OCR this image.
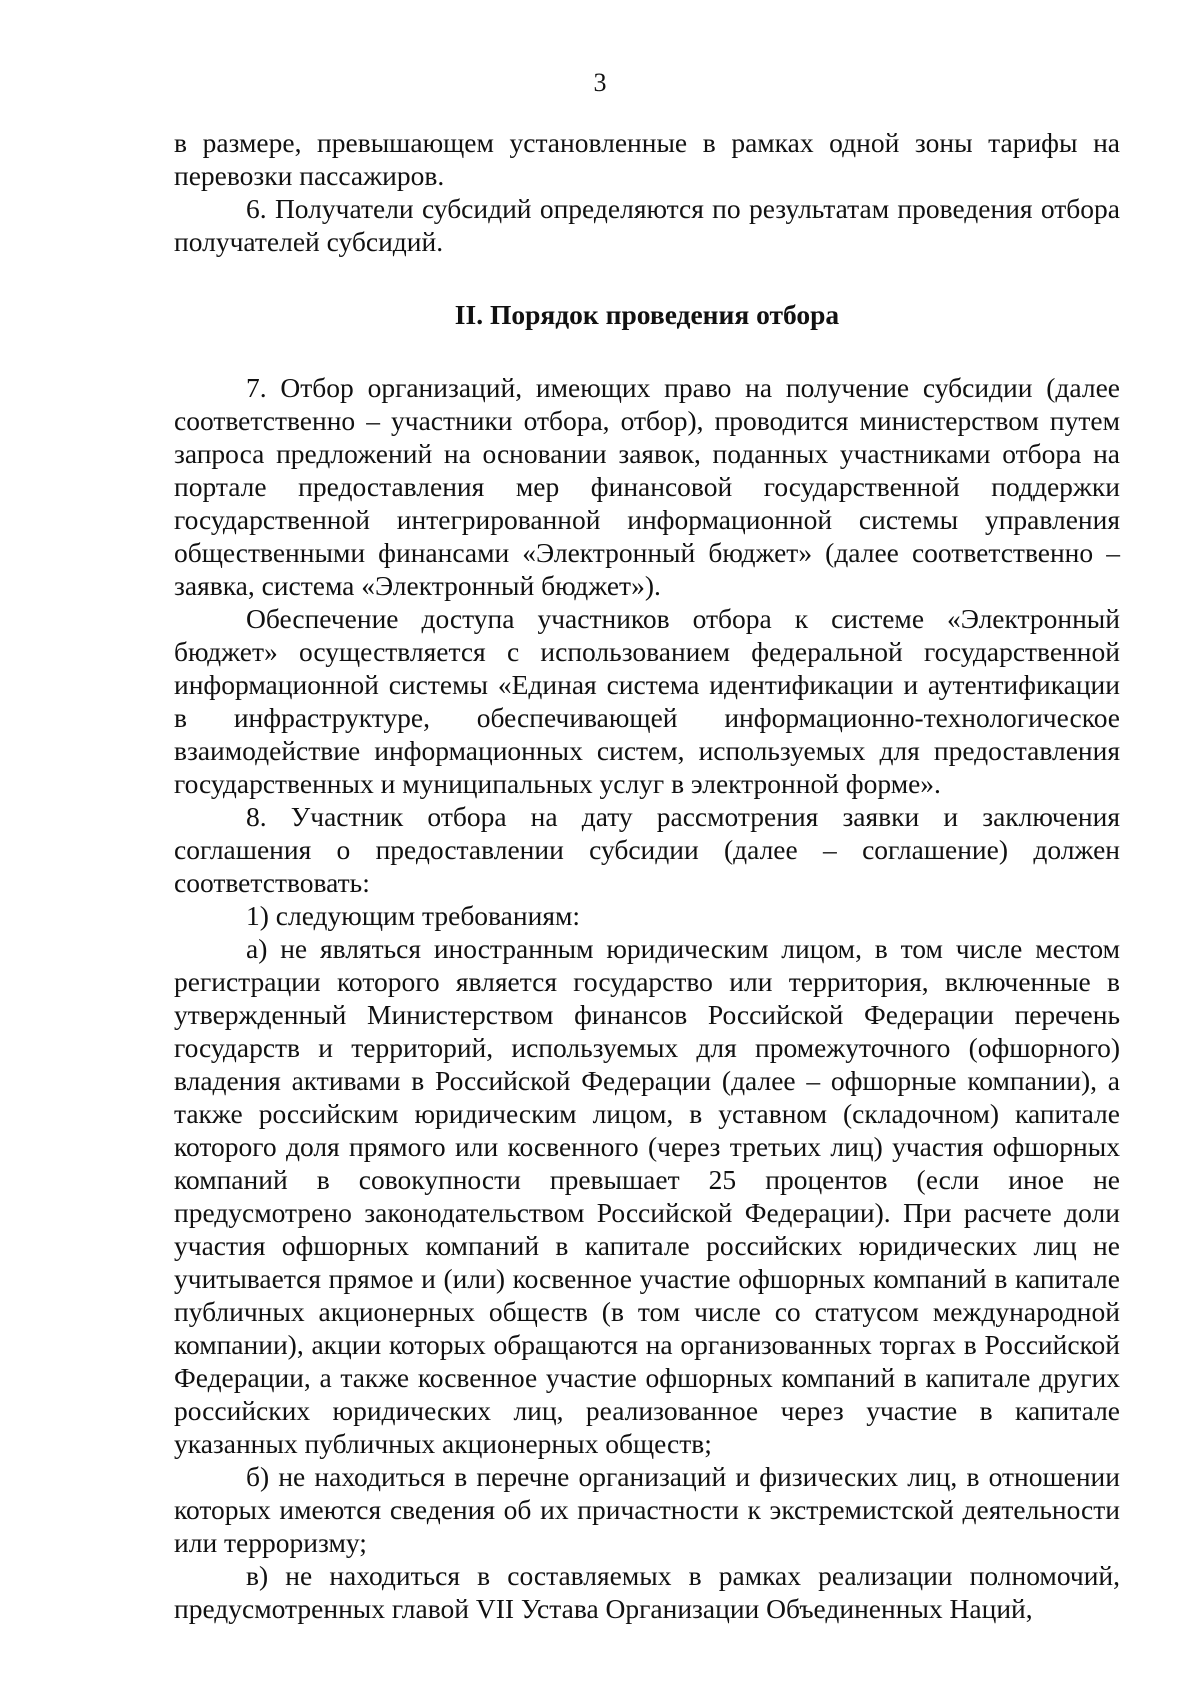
3

в размере, превышающем установленные в рамках одной зоны тарифы на перевозки пассажиров.

6. Получатели субсидий определяются по результатам проведения отбора получателей субсидий.

II. Порядок проведения отбора

7. Отбор организаций, имеющих право на получение субсидии (далее соответственно – участники отбора, отбор), проводится министерством путем запроса предложений на основании заявок, поданных участниками отбора на портале предоставления мер финансовой государственной поддержки государственной интегрированной информационной системы управления общественными финансами «Электронный бюджет» (далее соответственно – заявка, система «Электронный бюджет»).

Обеспечение доступа участников отбора к системе «Электронный бюджет» осуществляется с использованием федеральной государственной информационной системы «Единая система идентификации и аутентификации в инфраструктуре, обеспечивающей информационно-технологическое взаимодействие информационных систем, используемых для предоставления государственных и муниципальных услуг в электронной форме».

8. Участник отбора на дату рассмотрения заявки и заключения соглашения о предоставлении субсидии (далее – соглашение) должен соответствовать:

1) следующим требованиям:

а) не являться иностранным юридическим лицом, в том числе местом регистрации которого является государство или территория, включенные в утвержденный Министерством финансов Российской Федерации перечень государств и территорий, используемых для промежуточного (офшорного) владения активами в Российской Федерации (далее – офшорные компании), а также российским юридическим лицом, в уставном (складочном) капитале которого доля прямого или косвенного (через третьих лиц) участия офшорных компаний в совокупности превышает 25 процентов (если иное не предусмотрено законодательством Российской Федерации). При расчете доли участия офшорных компаний в капитале российских юридических лиц не учитывается прямое и (или) косвенное участие офшорных компаний в капитале публичных акционерных обществ (в том числе со статусом международной компании), акции которых обращаются на организованных торгах в Российской Федерации, а также косвенное участие офшорных компаний в капитале других российских юридических лиц, реализованное через участие в капитале указанных публичных акционерных обществ;

б) не находиться в перечне организаций и физических лиц, в отношении которых имеются сведения об их причастности к экстремистской деятельности или терроризму;

в) не находиться в составляемых в рамках реализации полномочий, предусмотренных главой VII Устава Организации Объединенных Наций,
